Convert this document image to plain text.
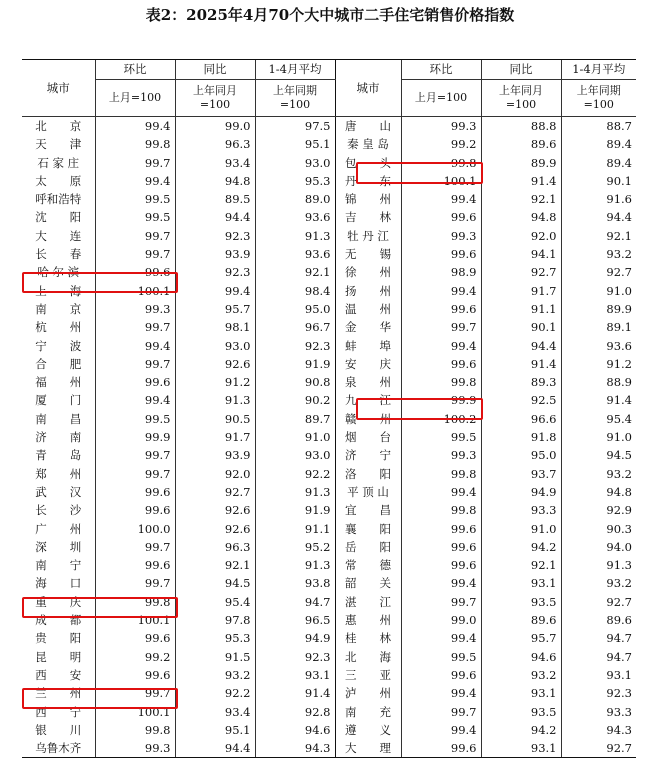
表2：2025年4月70个大中城市二手住宅销售价格指数
城市	环比	同比	1-4月平均	城市	环比	同比	1-4月平均
	上月=100	上年同月=100	上年同期=100		上月=100	上年同月=100	上年同期=100
北　　京	99.4	99.0	97.5	唐　　山	99.3	88.8	88.7
天　　津	99.8	96.3	95.1	秦 皇 岛	99.2	89.6	89.4
石 家 庄	99.7	93.4	93.0	包　　头	99.8	89.9	89.4
太　　原	99.4	94.8	95.3	丹　　东	100.1	91.4	90.1
呼和浩特	99.5	89.5	89.0	锦　　州	99.4	92.1	91.6
沈　　阳	99.5	94.4	93.6	吉　　林	99.6	94.8	94.4
大　　连	99.7	92.3	91.3	牡 丹 江	99.3	92.0	92.1
长　　春	99.7	93.9	93.6	无　　锡	99.6	94.1	93.2
哈 尔 滨	99.6	92.3	92.1	徐　　州	98.9	92.7	92.7
上　　海	100.1	99.4	98.4	扬　　州	99.4	91.7	91.0
南　　京	99.3	95.7	95.0	温　　州	99.6	91.1	89.9
杭　　州	99.7	98.1	96.7	金　　华	99.7	90.1	89.1
宁　　波	99.4	93.0	92.3	蚌　　埠	99.4	94.4	93.6
合　　肥	99.7	92.6	91.9	安　　庆	99.6	91.4	91.2
福　　州	99.6	91.2	90.8	泉　　州	99.8	89.3	88.9
厦　　门	99.4	91.3	90.2	九　　江	99.9	92.5	91.4
南　　昌	99.5	90.5	89.7	赣　　州	100.2	96.6	95.4
济　　南	99.9	91.7	91.0	烟　　台	99.5	91.8	91.0
青　　岛	99.7	93.9	93.0	济　　宁	99.3	95.0	94.5
郑　　州	99.7	92.0	92.2	洛　　阳	99.8	93.7	93.2
武　　汉	99.6	92.7	91.3	平 顶 山	99.4	94.9	94.8
长　　沙	99.6	92.6	91.9	宜　　昌	99.8	93.3	92.9
广　　州	100.0	92.6	91.1	襄　　阳	99.6	91.0	90.3
深　　圳	99.7	96.3	95.2	岳　　阳	99.6	94.2	94.0
南　　宁	99.6	92.1	91.3	常　　德	99.6	92.1	91.3
海　　口	99.7	94.5	93.8	韶　　关	99.4	93.1	93.2
重　　庆	99.8	95.4	94.7	湛　　江	99.7	93.5	92.7
成　　都	100.1	97.8	96.5	惠　　州	99.0	89.6	89.6
贵　　阳	99.6	95.3	94.9	桂　　林	99.4	95.7	94.7
昆　　明	99.2	91.5	92.3	北　　海	99.5	94.6	94.7
西　　安	99.6	93.2	93.1	三　　亚	99.6	93.2	93.1
兰　　州	99.7	92.2	91.4	泸　　州	99.4	93.1	92.3
西　　宁	100.1	93.4	92.8	南　　充	99.7	93.5	93.3
银　　川	99.8	95.1	94.6	遵　　义	99.4	94.2	94.3
乌鲁木齐	99.3	94.4	94.3	大　　理	99.6	93.1	92.7
